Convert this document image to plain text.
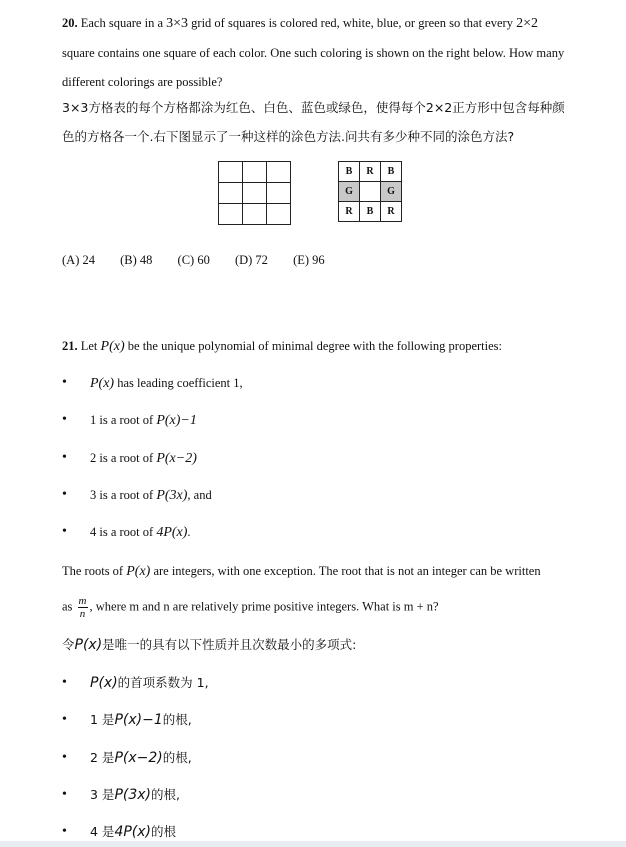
20. Each square in a 3×3 grid of squares is colored red, white, blue, or green so that every 2×2
square contains one square of each color. One such coloring is shown on the right below. How many
different colorings are possible?
3×3方格表的每个方格都涂为红色、白色、蓝色或绿色，使得每个2×2正方形中包含每种颜
色的方格各一个.右下图显示了一种这样的涂色方法.问共有多少种不同的涂色方法?

B	R	B
G		G
R	B	R
(A) 24 (B) 48 (C) 60 (D) 72 (E) 96
21. Let P(x) be the unique polynomial of minimal degree with the following properties:
• P(x) has leading coefficient 1,
• 1 is a root of P(x)−1
• 2 is a root of P(x−2)
• 3 is a root of P(3x), and
• 4 is a root of 4P(x).
The roots of P(x) are integers, with one exception. The root that is not an integer can be written
as $\frac{m}{n}$ , where m and n are relatively prime positive integers. What is m + n?
令P(x)是唯一的具有以下性质并且次数最小的多项式:
• P(x)的首项系数为 1,
• 1 是P(x)−1的根,
• 2 是P(x−2)的根,
• 3 是P(3x)的根,
• 4 是4P(x)的根
